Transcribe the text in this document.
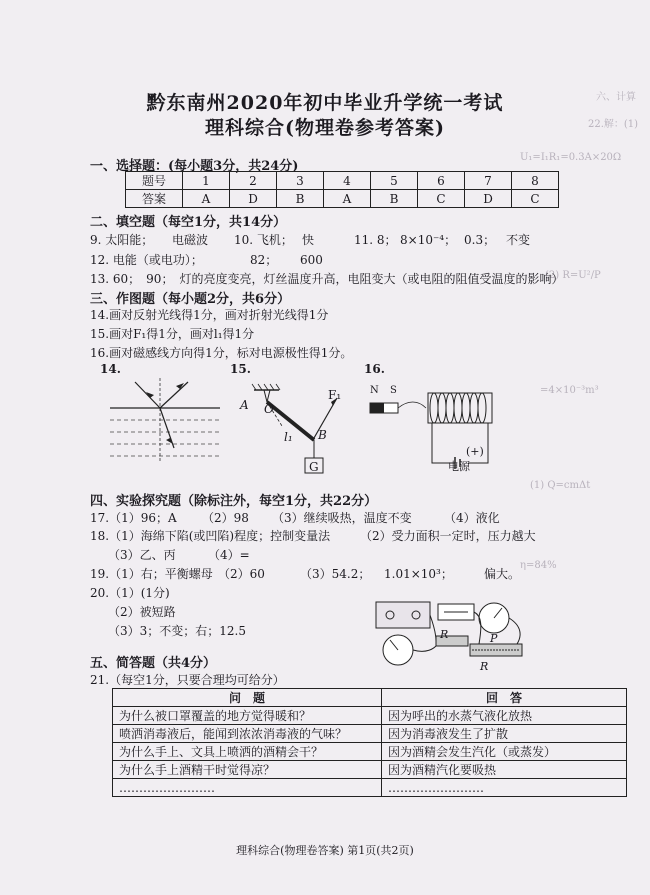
六、计算
22.解：(1)
U₁=I₁R₁=0.3A×20Ω
(2) R=U²/P
=4×10⁻³m³
(1) Q=cmΔt
η=84%
黔东南州2020年初中毕业升学统一考试
理科综合(物理卷参考答案)
一、选择题：(每小题3分，共24分)
题号	1	2	3	4	5	6	7	8
答案	A	D	B	A	B	C	D	C
二、填空题（每空1分，共14分）
9. 太阳能； 电磁波 10. 飞机； 快	11. 8； 8×10⁻⁴； 0.3； 不变
12. 电能（或电功）；	82； 600
13. 60；　90；　灯的亮度变亮，灯丝温度升高，电阻变大（或电阻的阻值受温度的影响）
三、作图题（每小题2分，共6分）
14.画对反射光线得1分，画对折射光线得1分
15.画对F₁得1分，画对l₁得1分
16.画对磁感线方向得1分，标对电源极性得1分。
14.	15.	16.
A O
F₁
l₁ B
G
N S
(+)
电源
四、实验探究题（除标注外，每空1分，共22分）
17.（1）96；A （2）98 （3）继续吸热，温度不变	（4）液化
18.（1）海绵下陷(或凹陷)程度；控制变量法 （2）受力面积一定时，压力越大
（3）乙、丙	（4）=
19.（1）右；平衡螺母 （2）60	（3）54.2； 1.01×10³；	偏大。
20.（1）(1分)
（2）被短路
（3）3；不变；右；12.5	R	P
R
五、简答题（共4分）
21.（每空1分，只要合理均可给分）
问　题	回　答
为什么被口罩覆盖的地方觉得暖和？	因为呼出的水蒸气液化放热
喷洒消毒液后，能闻到浓浓消毒液的气味？	因为消毒液发生了扩散
为什么手上、文具上喷洒的酒精会干？	因为酒精会发生汽化（或蒸发）
为什么手上酒精干时觉得凉？	因为酒精汽化要吸热
……………………	……………………
理科综合(物理卷答案) 第1页(共2页)
